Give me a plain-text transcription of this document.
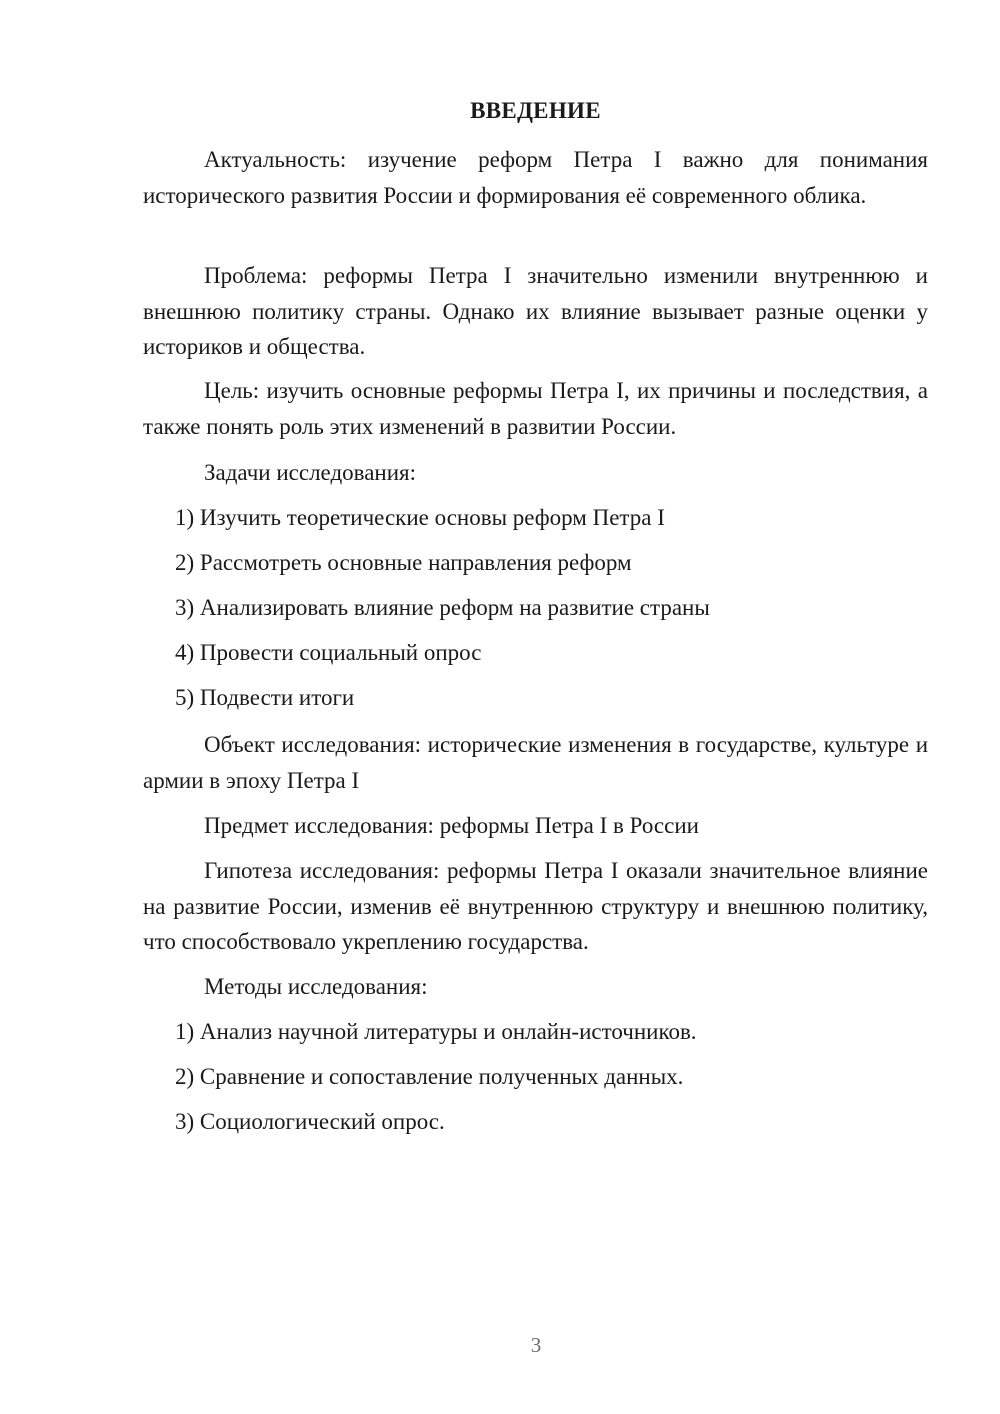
ВВЕДЕНИЕ

Актуальность: изучение реформ Петра I важно для понимания исторического развития России и формирования её современного облика.

Проблема: реформы Петра I значительно изменили внутреннюю и внешнюю политику страны. Однако их влияние вызывает разные оценки у историков и общества.

Цель: изучить основные реформы Петра I, их причины и последствия, а также понять роль этих изменений в развитии России.

Задачи исследования:

1) Изучить теоретические основы реформ Петра I

2) Рассмотреть основные направления реформ

3) Анализировать влияние реформ на развитие страны

4) Провести социальный опрос

5) Подвести итоги

Объект исследования: исторические изменения в государстве, культуре и армии в эпоху Петра I

Предмет исследования: реформы Петра I в России

Гипотеза исследования: реформы Петра I оказали значительное влияние на развитие России, изменив её внутреннюю структуру и внешнюю политику, что способствовало укреплению государства.

Методы исследования:

1) Анализ научной литературы и онлайн-источников.

2) Сравнение и сопоставление полученных данных.

3) Социологический опрос.

3
